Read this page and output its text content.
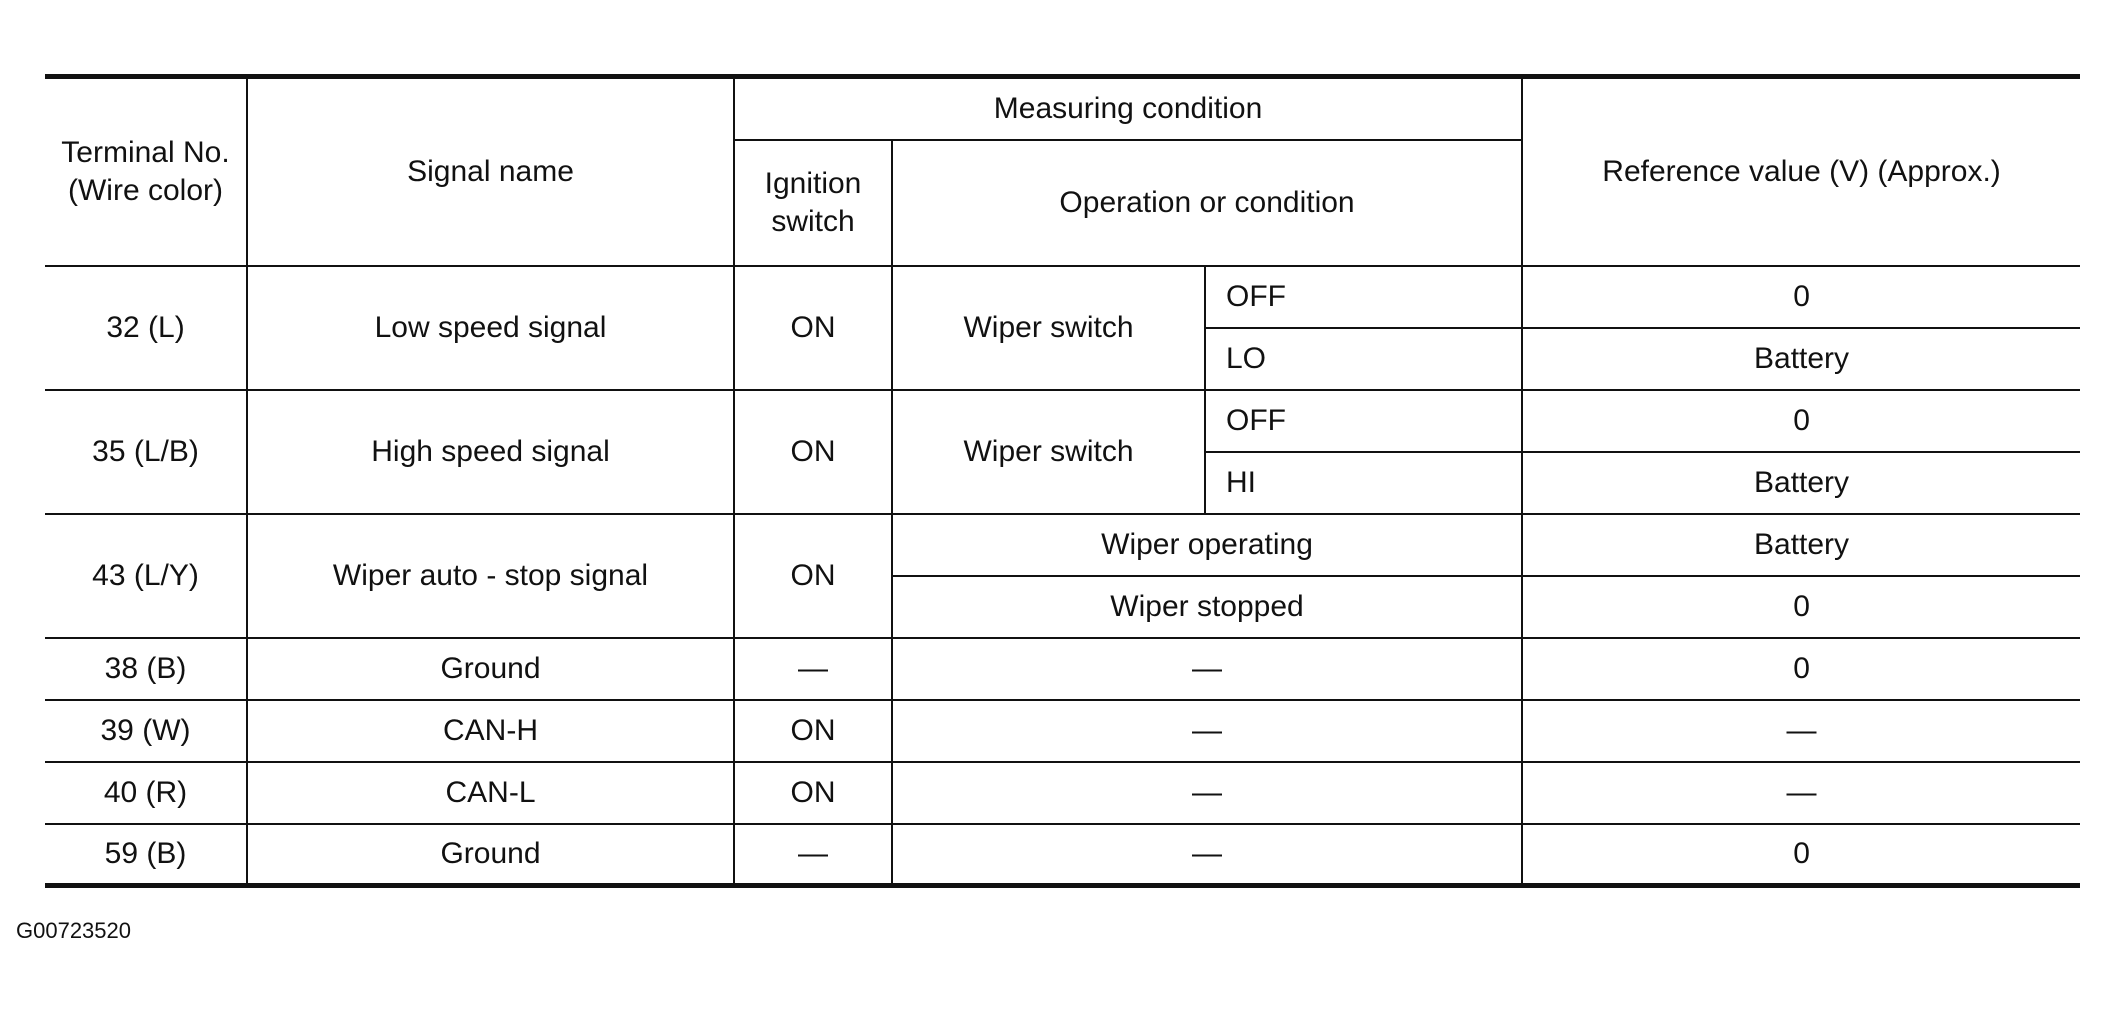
Terminal No. (Wire color)	Signal name	Measuring condition			Reference value (V) (Approx.)
		Ignition switch	Operation or condition		
32 (L)	Low speed signal	ON	Wiper switch	OFF	0
				LO	Battery
35 (L/B)	High speed signal	ON	Wiper switch	OFF	0
				HI	Battery
43 (L/Y)	Wiper auto - stop signal	ON	Wiper operating		Battery
			Wiper stopped		0
38 (B)	Ground	—	—		0
39 (W)	CAN-H	ON	—		—
40 (R)	CAN-L	ON	—		—
59 (B)	Ground	—	—		0
G00723520
